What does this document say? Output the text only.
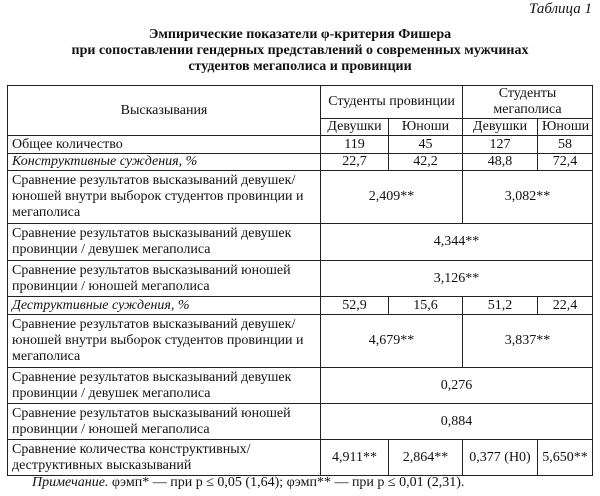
Таблица 1
Эмпирические показатели φ-критерия Фишера
при сопоставлении гендерных представлений о современных мужчинах
студентов мегаполиса и провинции
Высказывания	Студенты провинции		Студенты мегаполиса	
	Девушки	Юноши	Девушки	Юноши
Общее количество	119	45	127	58
Конструктивные суждения, %	22,7	42,2	48,8	72,4
Сравнение результатов высказываний девушек/юношей внутри выборок студентов провинции и мегаполиса	2,409**		3,082**	
Сравнение результатов высказываний девушек провинции / девушек мегаполиса	4,344**			
Сравнение результатов высказываний юношей провинции / юношей мегаполиса	3,126**			
Деструктивные суждения, %	52,9	15,6	51,2	22,4
Сравнение результатов высказываний девушек/юношей внутри выборок студентов провинции и мегаполиса	4,679**		3,837**	
Сравнение результатов высказываний девушек провинции / девушек мегаполиса	0,276			
Сравнение результатов высказываний юношей провинции / юношей мегаполиса	0,884			
Сравнение количества конструктивных/ деструктивных высказываний	4,911**	2,864**	0,377 (H0)	5,650**
Примечание. φэмп* — при p ≤ 0,05 (1,64); φэмп** — при p ≤ 0,01 (2,31).
